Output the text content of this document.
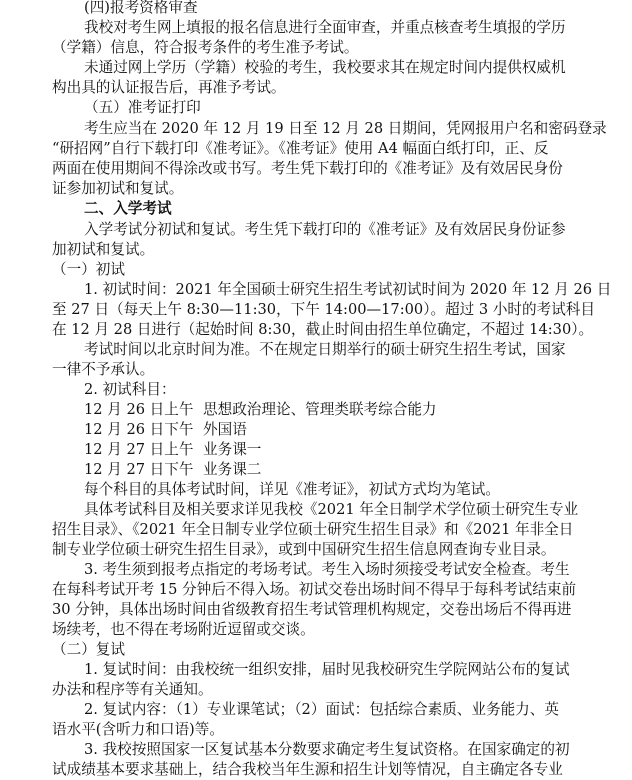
(四)报考资格审查
我校对考生网上填报的报名信息进行全面审查，并重点核查考生填报的学历
（学籍）信息，符合报考条件的考生准予考试。
未通过网上学历（学籍）校验的考生，我校要求其在规定时间内提供权威机
构出具的认证报告后，再准予考试。
（五）准考证打印
考生应当在 2020 年 12 月 19 日至 12 月 28 日期间，凭网报用户名和密码登录
“研招网”自行下载打印《准考证》。《准考证》使用 A4 幅面白纸打印，正、反
两面在使用期间不得涂改或书写。考生凭下载打印的《准考证》及有效居民身份
证参加初试和复试。
二、入学考试
入学考试分初试和复试。考生凭下载打印的《准考证》及有效居民身份证参
加初试和复试。
（一）初试
1. 初试时间：2021 年全国硕士研究生招生考试初试时间为 2020 年 12 月 26 日
至 27 日（每天上午 8:30—11:30，下午 14:00—17:00）。超过 3 小时的考试科目
在 12 月 28 日进行（起始时间 8:30，截止时间由招生单位确定，不超过 14:30）。
考试时间以北京时间为准。不在规定日期举行的硕士研究生招生考试，国家
一律不予承认。
2. 初试科目：
12 月 26 日上午 思想政治理论、管理类联考综合能力
12 月 26 日下午 外国语
12 月 27 日上午 业务课一
12 月 27 日下午 业务课二
每个科目的具体考试时间，详见《准考证》，初试方式均为笔试。
具体考试科目及相关要求详见我校《2021 年全日制学术学位硕士研究生专业
招生目录》、《2021 年全日制专业学位硕士研究生招生目录》和《2021 年非全日
制专业学位硕士研究生招生目录》，或到中国研究生招生信息网查询专业目录。
3. 考生须到报考点指定的考场考试。考生入场时须接受考试安全检查。考生
在每科考试开考 15 分钟后不得入场。初试交卷出场时间不得早于每科考试结束前
30 分钟，具体出场时间由省级教育招生考试管理机构规定，交卷出场后不得再进
场续考，也不得在考场附近逗留或交谈。
（二）复试
1. 复试时间：由我校统一组织安排，届时见我校研究生学院网站公布的复试
办法和程序等有关通知。
2. 复试内容：（1）专业课笔试；（2）面试：包括综合素质、业务能力、英
语水平(含听力和口语)等。
3. 我校按照国家一区复试基本分数要求确定考生复试资格。在国家确定的初
试成绩基本要求基础上，结合我校当年生源和招生计划等情况，自主确定各专业
